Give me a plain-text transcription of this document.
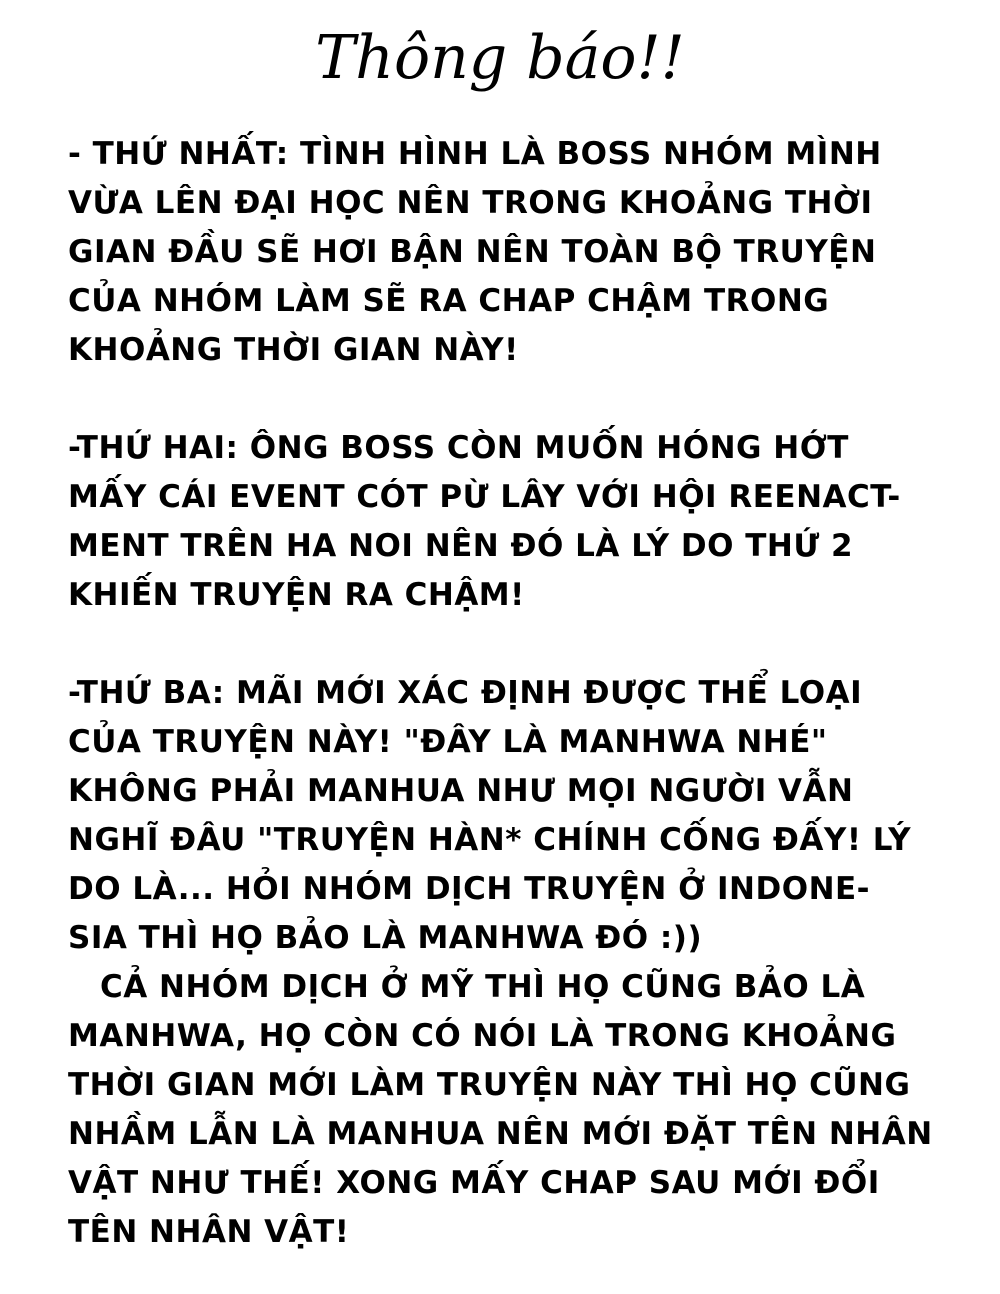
Thông báo!!
- THỨ NHẤT: TÌNH HÌNH LÀ BOSS NHÓM MÌNH
VỪA LÊN ĐẠI HỌC NÊN TRONG KHOẢNG THỜI
GIAN ĐẦU SẼ HƠI BẬN NÊN TOÀN BỘ TRUYỆN
CỦA NHÓM LÀM SẼ RA CHAP CHẬM TRONG
KHOẢNG THỜI GIAN NÀY!
-THỨ HAI: ÔNG BOSS CÒN MUỐN HÓNG HỚT
MẤY CÁI EVENT CÓT PỪ LÂY VỚI HỘI REENACT-
MENT TRÊN HA NOI NÊN ĐÓ LÀ LÝ DO THỨ 2
KHIẾN TRUYỆN RA CHẬM!
-THỨ BA: MÃI MỚI XÁC ĐỊNH ĐƯỢC THỂ LOẠI
CỦA TRUYỆN NÀY! "ĐÂY LÀ MANHWA NHÉ"
KHÔNG PHẢI MANHUA NHƯ MỌI NGƯỜI VẪN
NGHĨ ĐÂU "TRUYỆN HÀN* CHÍNH CỐNG ĐẤY! LÝ
DO LÀ... HỎI NHÓM DỊCH TRUYỆN Ở INDONE-
SIA THÌ HỌ BẢO LÀ MANHWA ĐÓ :))
CẢ NHÓM DỊCH Ở MỸ THÌ HỌ CŨNG BẢO LÀ
MANHWA, HỌ CÒN CÓ NÓI LÀ TRONG KHOẢNG
THỜI GIAN MỚI LÀM TRUYỆN NÀY THÌ HỌ CŨNG
NHẦM LẪN LÀ MANHUA NÊN MỚI ĐẶT TÊN NHÂN
VẬT NHƯ THẾ! XONG MẤY CHAP SAU MỚI ĐỔI
TÊN NHÂN VẬT!
